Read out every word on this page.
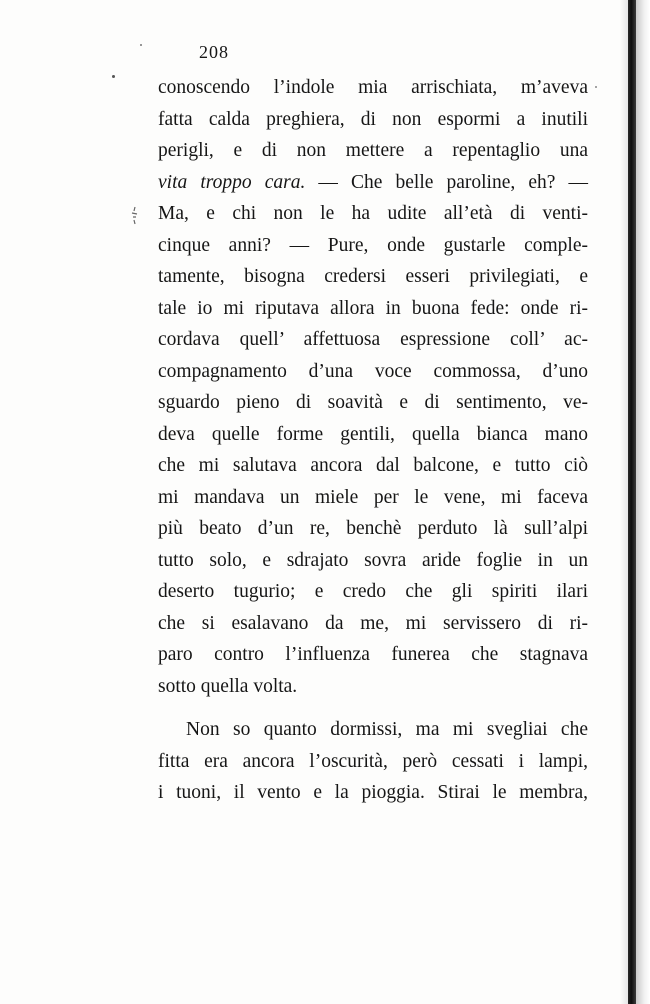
208
conoscendo l’indole mia arrischiata, m’aveva
fatta calda preghiera, di non espormi a inutili
perigli, e di non mettere a repentaglio una
vita troppo cara. — Che belle paroline, eh? —
Ma, e chi non le ha udite all’età di venti-
cinque anni? — Pure, onde gustarle comple-
tamente, bisogna credersi esseri privilegiati, e
tale io mi riputava allora in buona fede: onde ri-
cordava quell’ affettuosa espressione coll’ ac-
compagnamento d’una voce commossa, d’uno
sguardo pieno di soavità e di sentimento, ve-
deva quelle forme gentili, quella bianca mano
che mi salutava ancora dal balcone, e tutto ciò
mi mandava un miele per le vene, mi faceva
più beato d’un re, benchè perduto là sull’alpi
tutto solo, e sdrajato sovra aride foglie in un
deserto tugurio; e credo che gli spiriti ilari
che si esalavano da me, mi servissero di ri-
paro contro l’influenza funerea che stagnava
sotto quella volta.
Non so quanto dormissi, ma mi svegliai che
fitta era ancora l’oscurità, però cessati i lampi,
i tuoni, il vento e la pioggia. Stirai le membra,
